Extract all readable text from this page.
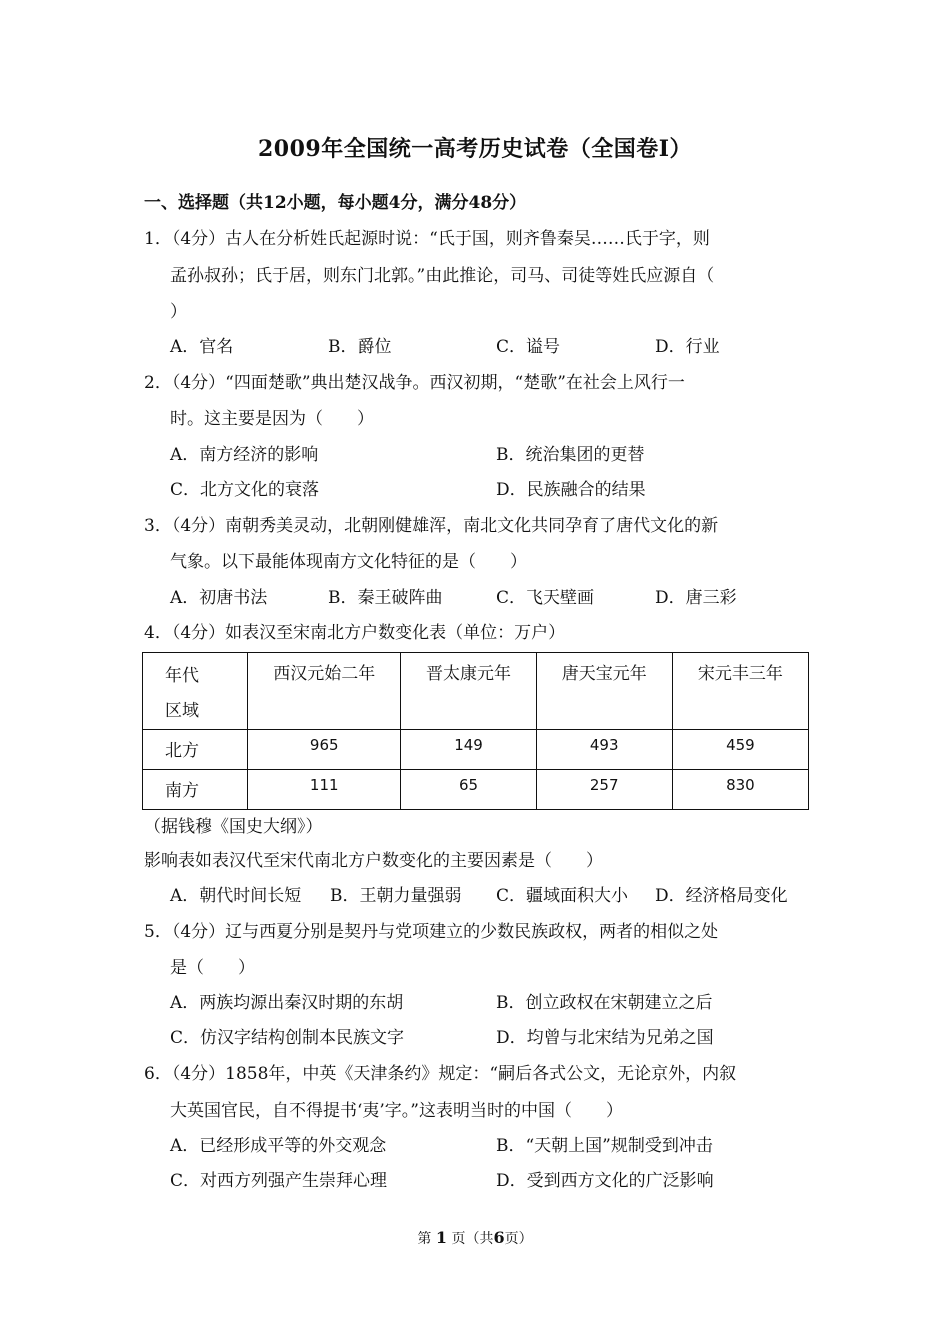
2009年全国统一高考历史试卷（全国卷Ⅰ）
一、选择题（共12小题，每小题4分，满分48分）
1．（4分）古人在分析姓氏起源时说：“氏于国，则齐鲁秦吴……氏于字，则
孟孙叔孙；氏于居，则东门北郭。”由此推论，司马、司徒等姓氏应源自（
）
A．官名	B．爵位	C．谥号	D．行业
2．（4分）“四面楚歌”典出楚汉战争。西汉初期，“楚歌”在社会上风行一
时。这主要是因为（　　）
A．南方经济的影响	B．统治集团的更替
C．北方文化的衰落	D．民族融合的结果
3．（4分）南朝秀美灵动，北朝刚健雄浑，南北文化共同孕育了唐代文化的新
气象。以下最能体现南方文化特征的是（　　）
A．初唐书法	B．秦王破阵曲	C．飞天壁画	D．唐三彩
4．（4分）如表汉至宋南北方户数变化表（单位：万户）
年代
区域	西汉元始二年	晋太康元年	唐天宝元年	宋元丰三年
北方	965	149	493	459
南方	111	65	257	830
（据钱穆《国史大纲》）
影响表如表汉代至宋代南北方户数变化的主要因素是（　　）
A．朝代时间长短 B．王朝力量强弱 C．疆域面积大小 D．经济格局变化
5．（4分）辽与西夏分别是契丹与党项建立的少数民族政权，两者的相似之处
是（　　）
A．两族均源出秦汉时期的东胡	B．创立政权在宋朝建立之后
C．仿汉字结构创制本民族文字	D．均曾与北宋结为兄弟之国
6．（4分）1858年，中英《天津条约》规定：“嗣后各式公文，无论京外，内叙
大英国官民，自不得提书‘夷’字。”这表明当时的中国（　　）
A．已经形成平等的外交观念	B．“天朝上国”规制受到冲击
C．对西方列强产生崇拜心理	D．受到西方文化的广泛影响
第 1 页（共6页）
